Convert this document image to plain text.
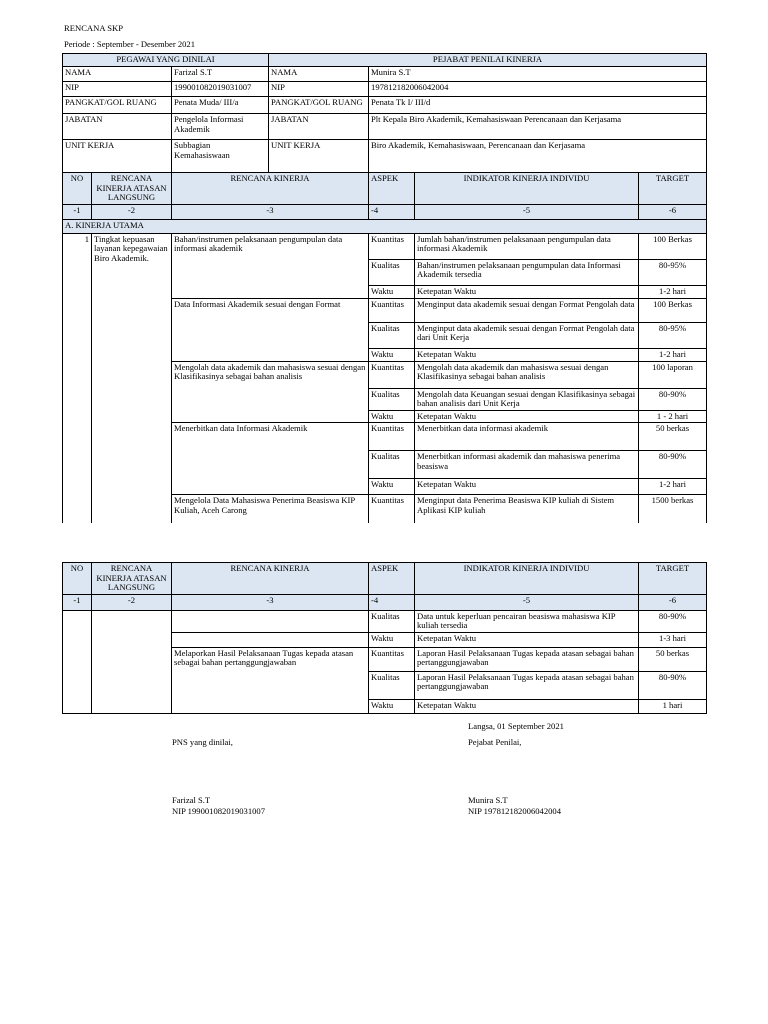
RENCANA SKP
Periode : September - Desember 2021
PEGAWAI YANG DINILAI			PEJABAT PENILAI KINERJA			
NAMA		Farizal S.T	NAMA	Munira S.T		
NIP		199001082019031007	NIP	197812182006042004		
PANGKAT/GOL RUANG		Penata Muda/ III/a	PANGKAT/GOL RUANG	Penata Tk I/ III/d		
JABATAN		Pengelola Informasi Akademik	JABATAN	Plt Kepala Biro Akademik, Kemahasiswaan Perencanaan dan Kerjasama		
UNIT KERJA		Subbagian Kemahasiswaan	UNIT KERJA	Biro Akademik, Kemahasiswaan, Perencanaan dan Kerjasama		
NO	RENCANA KINERJA ATASAN LANGSUNG	RENCANA KINERJA		ASPEK	INDIKATOR KINERJA INDIVIDU	TARGET
-1	-2	-3		-4	-5	-6
A. KINERJA UTAMA						
1	Tingkat kepuasan layanan kepegawaian Biro Akademik.	Bahan/instrumen pelaksanaan pengumpulan data informasi akademik		Kuantitas	Jumlah bahan/instrumen pelaksanaan pengumpulan data informasi Akademik	100 Berkas
				Kualitas	Bahan/instrumen pelaksanaan pengumpulan data Informasi Akademik tersedia	80-95%
				Waktu	Ketepatan Waktu	1-2 hari
		Data Informasi Akademik sesuai dengan Format		Kuantitas	Menginput data akademik sesuai dengan Format Pengolah data	100 Berkas
				Kualitas	Menginput data akademik sesuai dengan Format Pengolah data dari Unit Kerja	80-95%
				Waktu	Ketepatan Waktu	1-2 hari
		Mengolah data akademik dan mahasiswa sesuai dengan Klasifikasinya sebagai bahan analisis		Kuantitas	Mengolah data akademik dan mahasiswa sesuai dengan Klasifikasinya sebagai bahan analisis	100 laporan
				Kualitas	Mengolah data Keuangan sesuai dengan Klasifikasinya sebagai bahan analisis dari Unit Kerja	80-90%
				Waktu	Ketepatan Waktu	1 - 2 hari
		Menerbitkan data Informasi Akademik		Kuantitas	Menerbitkan data informasi akademik	50 berkas
				Kualitas	Menerbitkan informasi akademik dan mahasiswa penerima beasiswa	80-90%
				Waktu	Ketepatan Waktu	1-2 hari
		Mengelola Data Mahasiswa Penerima Beasiswa KIP Kuliah, Aceh Carong		Kuantitas	Menginput data Penerima Beasiswa KIP kuliah di Sistem Aplikasi KIP kuliah	1500 berkas
NO	RENCANA KINERJA ATASAN LANGSUNG	RENCANA KINERJA	ASPEK	INDIKATOR KINERJA INDIVIDU	TARGET
-1	-2	-3	-4	-5	-6
			Kualitas	Data untuk keperluan pencairan beasiswa mahasiswa KIP kuliah tersedia	80-90%
			Waktu	Ketepatan Waktu	1-3 hari
		Melaporkan Hasil Pelaksanaan Tugas kepada atasan sebagai bahan pertanggungjawaban	Kuantitas	Laporan Hasil Pelaksanaan Tugas kepada atasan sebagai bahan pertanggungjawaban	50 berkas
			Kualitas	Laporan Hasil Pelaksanaan Tugas kepada atasan sebagai bahan pertanggungjawaban	80-90%
			Waktu	Ketepatan Waktu	1 hari
Langsa, 01 September 2021
PNS yang dinilai,	Pejabat Penilai,
Farizal S.T
NIP 199001082019031007
Munira S.T
NIP 197812182006042004
